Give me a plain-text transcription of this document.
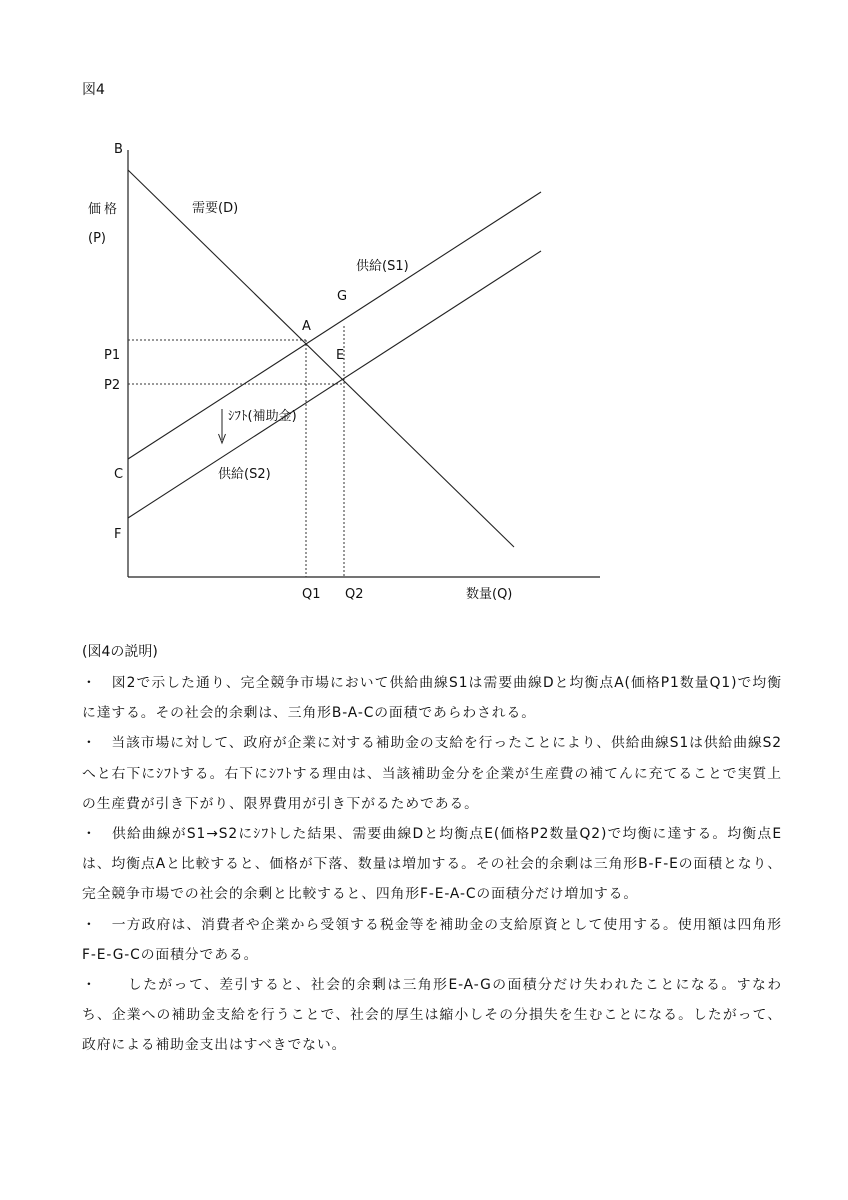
図4
B
価格
(P)
需要(D)
供給(S1)
G
A
P1	E
P2
ｼﾌﾄ(補助金)
C	供給(S2)
F
Q1 Q2	数量(Q)
(図4の説明)

・　図2で示した通り、完全競争市場において供給曲線S1は需要曲線Dと均衡点A(価格P1数量Q1)で均衡に達する。その社会的余剰は、三角形B-A-Cの面積であらわされる。

・　当該市場に対して、政府が企業に対する補助金の支給を行ったことにより、供給曲線S1は供給曲線S2へと右下にｼﾌﾄする。右下にｼﾌﾄする理由は、当該補助金分を企業が生産費の補てんに充てることで実質上の生産費が引き下がり、限界費用が引き下がるためである。

・　供給曲線がS1→S2にｼﾌﾄした結果、需要曲線Dと均衡点E(価格P2数量Q2)で均衡に達する。均衡点Eは、均衡点Aと比較すると、価格が下落、数量は増加する。その社会的余剰は三角形B-F-Eの面積となり、完全競争市場での社会的余剰と比較すると、四角形F-E-A-Cの面積分だけ増加する。

・　一方政府は、消費者や企業から受領する税金等を補助金の支給原資として使用する。使用額は四角形F-E-G-Cの面積分である。

・　　したがって、差引すると、社会的余剰は三角形E-A-Gの面積分だけ失われたことになる。すなわち、企業への補助金支給を行うことで、社会的厚生は縮小しその分損失を生むことになる。したがって、政府による補助金支出はすべきでない。
